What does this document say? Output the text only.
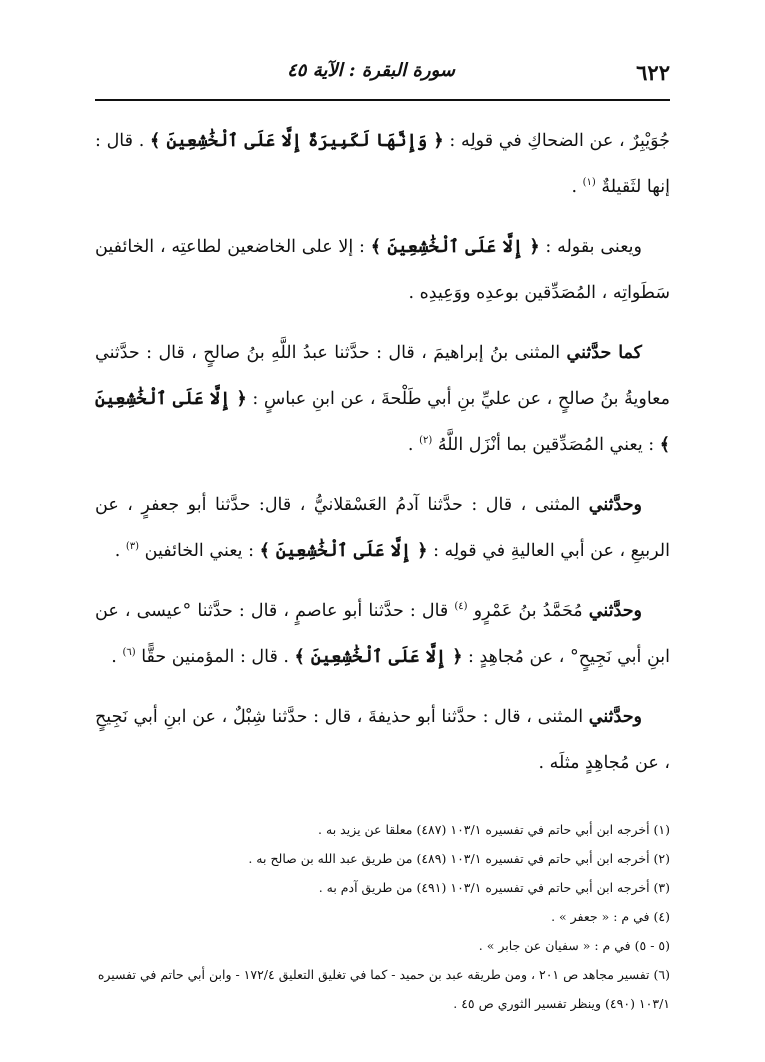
٦٢٢
سورة البقرة : الآية ٤٥

جُوَيْبِرٌ ، عن الضحاكِ في قولِه : ﴿ وَإِنَّهَا لَكَبِيرَةٌ إِلَّا عَلَى ٱلْخَٰشِعِينَ ﴾ . قال : إنها لثَقيلةٌ $^{(١)}$ .

ويعنى بقوله : ﴿ إِلَّا عَلَى ٱلْخَٰشِعِينَ ﴾ : إلا على الخاضعين لطاعتِه ، الخائفين سَطَواتِه ، المُصَدِّقين بوعدِه ووَعِيدِه .

كما حدَّثني المثنى بنُ إبراهيمَ ، قال : حدَّثنا عبدُ اللَّهِ بنُ صالحٍ ، قال : حدَّثني معاويةُ بنُ صالحٍ ، عن عليِّ بنِ أبي طَلْحةَ ، عن ابنِ عباسٍ : ﴿ إِلَّا عَلَى ٱلْخَٰشِعِينَ ﴾ : يعني المُصَدِّقين بما أنْزَل اللَّهُ $^{(٢)}$ .

وحدَّثني المثنى ، قال : حدَّثنا آدمُ العَسْقلانيُّ ، قال: حدَّثنا أبو جعفرٍ ، عن الربيعِ ، عن أبي العاليةِ في قولِه : ﴿ إِلَّا عَلَى ٱلْخَٰشِعِينَ ﴾ : يعني الخائفين $^{(٣)}$ .

وحدَّثني مُحَمَّدُ بنُ عَمْرٍو $^{(٤)}$ قال : حدَّثنا أبو عاصمٍ ، قال : حدَّثنا °عيسى ، عن ابنِ أبي نَجِيحٍ° ، عن مُجاهِدٍ : ﴿ إِلَّا عَلَى ٱلْخَٰشِعِينَ ﴾ . قال : المؤمنين حقًّا $^{(٦)}$ .

وحدَّثني المثنى ، قال : حدَّثنا أبو حذيفةَ ، قال : حدَّثنا شِبْلٌ ، عن ابنِ أبي نَجِيحٍ ، عن مُجاهِدٍ مثلَه .

(١) أخرجه ابن أبي حاتم في تفسيره ١٠٣/١ (٤٨٧) معلقا عن يزيد به .

(٢) أخرجه ابن أبي حاتم في تفسيره ١٠٣/١ (٤٨٩) من طريق عبد الله بن صالح به .

(٣) أخرجه ابن أبي حاتم في تفسيره ١٠٣/١ (٤٩١) من طريق آدم به .

(٤) في م : « جعفر » .

(٥ - ٥) في م : « سفيان عن جابر » .

(٦) تفسير مجاهد ص ٢٠١ ، ومن طريقه عبد بن حميد - كما في تغليق التعليق ١٧٢/٤ - وابن أبي حاتم في تفسيره ١٠٣/١ (٤٩٠) وينظر تفسير الثوري ص ٤٥ .
